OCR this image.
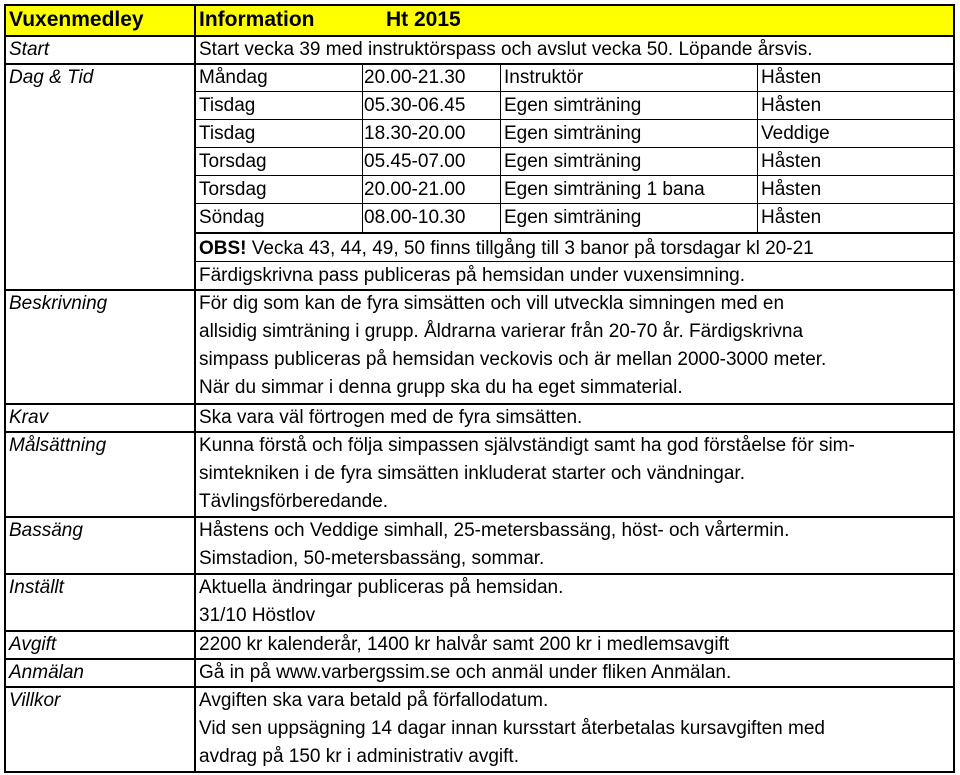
Vuxenmedley	Information	Ht 2015
Start	Start vecka 39 med instruktörspass och avslut vecka 50. Löpande årsvis.
Dag & Tid	Måndag	20.00-21.30 Instruktör	Håsten
Tisdag	05.30-06.45 Egen simträning	Håsten
Tisdag	18.30-20.00 Egen simträning	Veddige
Torsdag	05.45-07.00 Egen simträning	Håsten
Torsdag	20.00-21.00 Egen simträning 1 bana	Håsten
Söndag	08.00-10.30 Egen simträning	Håsten
OBS! Vecka 43, 44, 49, 50 finns tillgång till 3 banor på torsdagar kl 20-21
Färdigskrivna pass publiceras på hemsidan under vuxensimning.
Beskrivning	För dig som kan de fyra simsätten och vill utveckla simningen med en
allsidig simträning i grupp. Åldrarna varierar från 20-70 år. Färdigskrivna
simpass publiceras på hemsidan veckovis och är mellan 2000-3000 meter.
När du simmar i denna grupp ska du ha eget simmaterial.
Krav	Ska vara väl förtrogen med de fyra simsätten.
Målsättning	Kunna förstå och följa simpassen självständigt samt ha god förståelse för sim-
simtekniken i de fyra simsätten inkluderat starter och vändningar.
Tävlingsförberedande.
Bassäng	Håstens och Veddige simhall, 25-metersbassäng, höst- och vårtermin.
Simstadion, 50-metersbassäng, sommar.
Inställt	Aktuella ändringar publiceras på hemsidan.
31/10 Höstlov
Avgift	2200 kr kalenderår, 1400 kr halvår samt 200 kr i medlemsavgift
Anmälan	Gå in på www.varbergssim.se och anmäl under fliken Anmälan.
Villkor	Avgiften ska vara betald på förfallodatum.
Vid sen uppsägning 14 dagar innan kursstart återbetalas kursavgiften med
avdrag på 150 kr i administrativ avgift.
